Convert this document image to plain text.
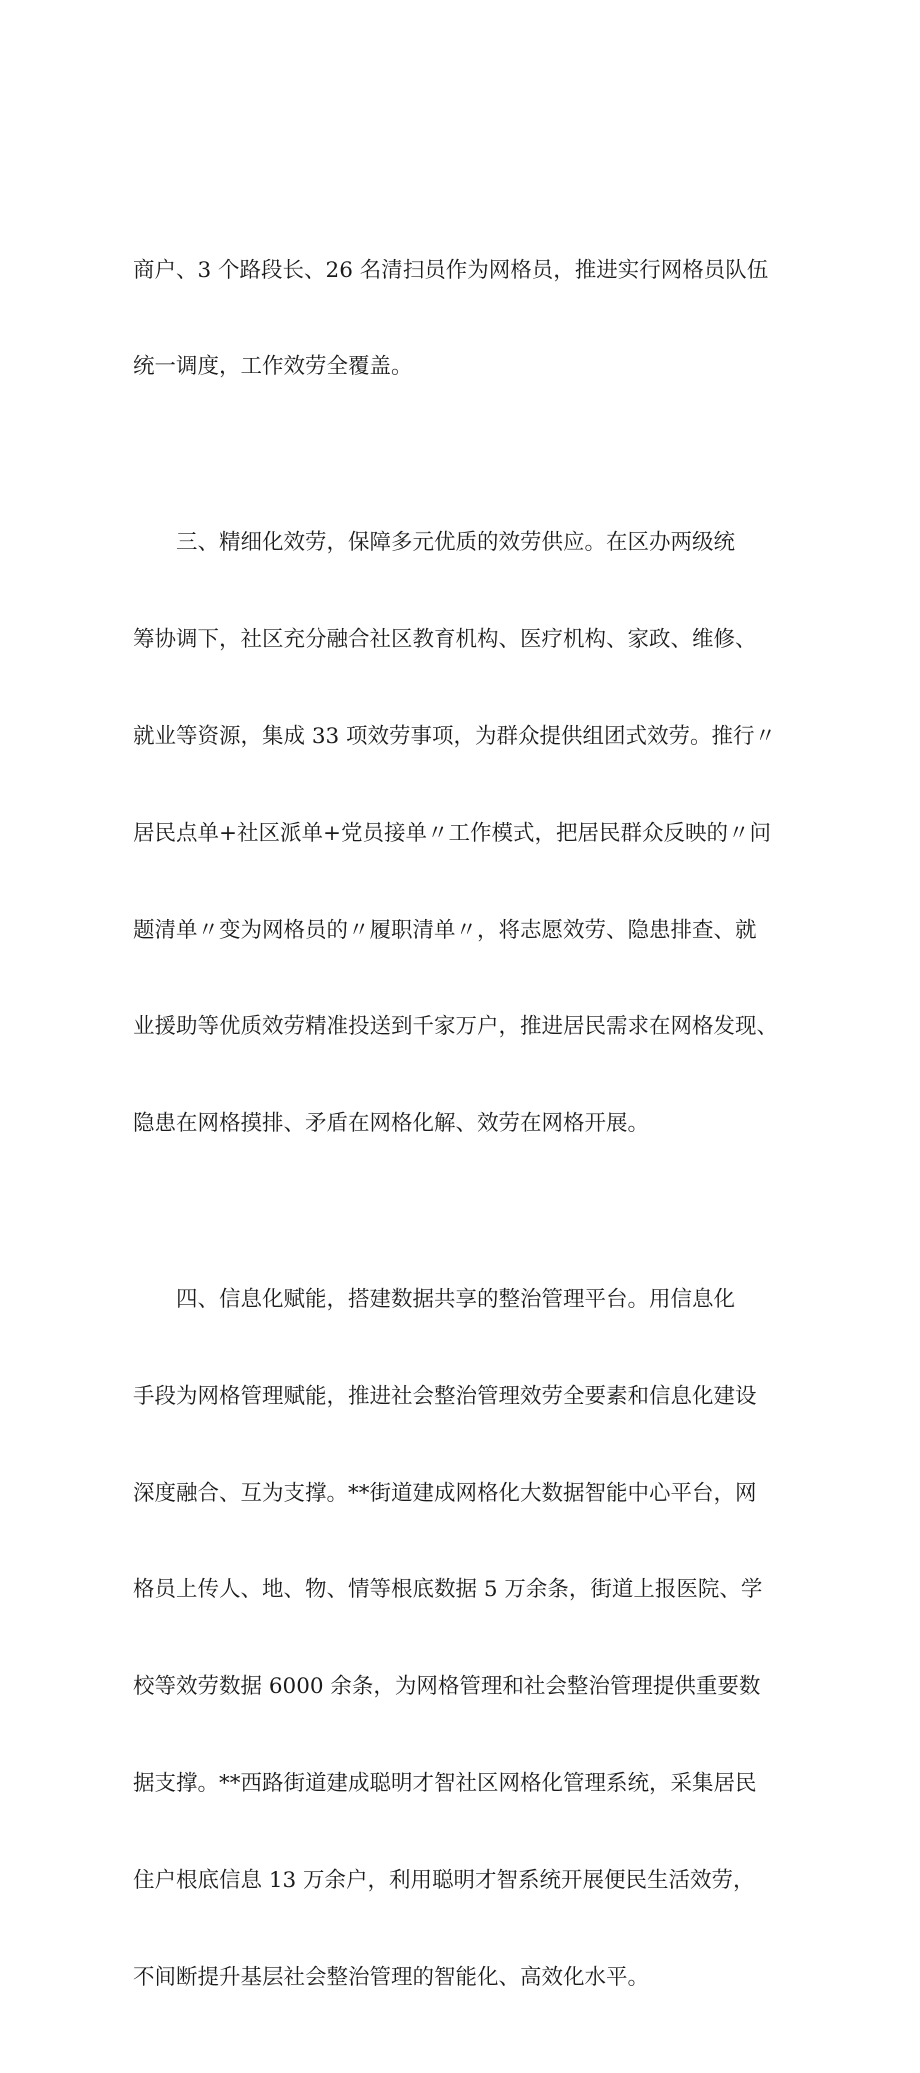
商户、3 个路段长、26 名清扫员作为网格员，推进实行网格员队伍

统一调度，工作效劳全覆盖。

三、精细化效劳，保障多元优质的效劳供应。在区办两级统

筹协调下，社区充分融合社区教育机构、医疗机构、家政、维修、

就业等资源，集成 33 项效劳事项，为群众提供组团式效劳。推行〃

居民点单+社区派单+党员接单〃工作模式，把居民群众反映的〃问

题清单〃变为网格员的〃履职清单〃，将志愿效劳、隐患排查、就

业援助等优质效劳精准投送到千家万户，推进居民需求在网格发现、

隐患在网格摸排、矛盾在网格化解、效劳在网格开展。

四、信息化赋能，搭建数据共享的整治管理平台。用信息化

手段为网格管理赋能，推进社会整治管理效劳全要素和信息化建设

深度融合、互为支撑。**街道建成网格化大数据智能中心平台，网

格员上传人、地、物、情等根底数据 5 万余条，街道上报医院、学

校等效劳数据 6000 余条，为网格管理和社会整治管理提供重要数

据支撑。**西路街道建成聪明才智社区网格化管理系统，采集居民

住户根底信息 13 万余户，利用聪明才智系统开展便民生活效劳，

不间断提升基层社会整治管理的智能化、高效化水平。
